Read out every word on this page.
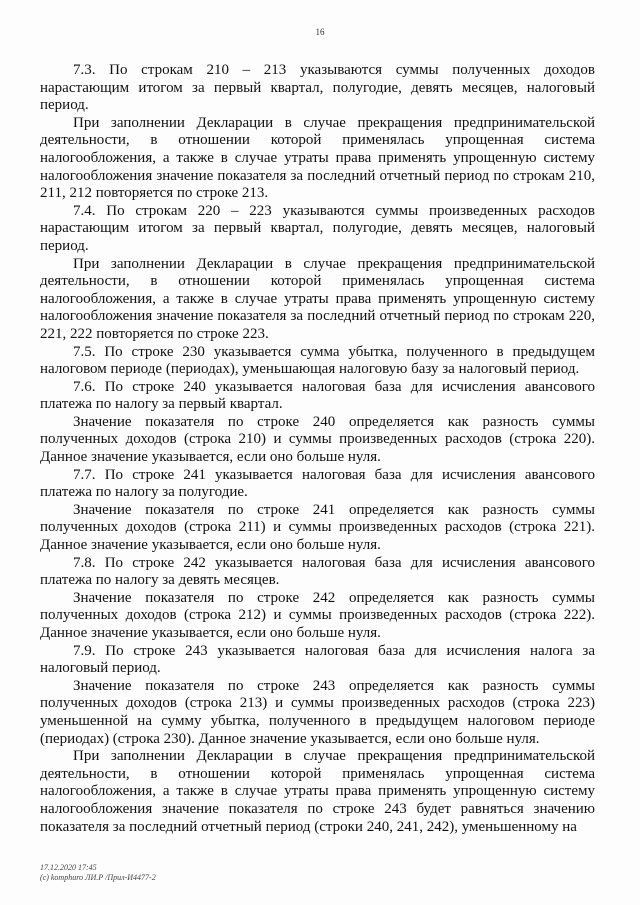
16

7.3. По строкам 210 – 213 указываются суммы полученных доходов нарастающим итогом за первый квартал, полугодие, девять месяцев, налоговый период.

При заполнении Декларации в случае прекращения предпринимательской деятельности, в отношении которой применялась упрощенная система налогообложения, а также в случае утраты права применять упрощенную систему налогообложения значение показателя за последний отчетный период по строкам 210, 211, 212 повторяется по строке 213.

7.4. По строкам 220 – 223 указываются суммы произведенных расходов нарастающим итогом за первый квартал, полугодие, девять месяцев, налоговый период.

При заполнении Декларации в случае прекращения предпринимательской деятельности, в отношении которой применялась упрощенная система налогообложения, а также в случае утраты права применять упрощенную систему налогообложения значение показателя за последний отчетный период по строкам 220, 221, 222 повторяется по строке 223.

7.5. По строке 230 указывается сумма убытка, полученного в предыдущем налоговом периоде (периодах), уменьшающая налоговую базу за налоговый период.

7.6. По строке 240 указывается налоговая база для исчисления авансового платежа по налогу за первый квартал.

Значение показателя по строке 240 определяется как разность суммы полученных доходов (строка 210) и суммы произведенных расходов (строка 220). Данное значение указывается, если оно больше нуля.

7.7. По строке 241 указывается налоговая база для исчисления авансового платежа по налогу за полугодие.

Значение показателя по строке 241 определяется как разность суммы полученных доходов (строка 211) и суммы произведенных расходов (строка 221). Данное значение указывается, если оно больше нуля.

7.8. По строке 242 указывается налоговая база для исчисления авансового платежа по налогу за девять месяцев.

Значение показателя по строке 242 определяется как разность суммы полученных доходов (строка 212) и суммы произведенных расходов (строка 222). Данное значение указывается, если оно больше нуля.

7.9. По строке 243 указывается налоговая база для исчисления налога за налоговый период.

Значение показателя по строке 243 определяется как разность суммы полученных доходов (строка 213) и суммы произведенных расходов (строка 223) уменьшенной на сумму убытка, полученного в предыдущем налоговом периоде (периодах) (строка 230). Данное значение указывается, если оно больше нуля.

При заполнении Декларации в случае прекращения предпринимательской деятельности, в отношении которой применялась упрощенная система налогообложения, а также в случае утраты права применять упрощенную систему налогообложения значение показателя по строке 243 будет равняться значению показателя за последний отчетный период (строки 240, 241, 242), уменьшенному на

17.12.2020 17:45
(c) komphuro ЛИ.Р /Прил-И4477-2
